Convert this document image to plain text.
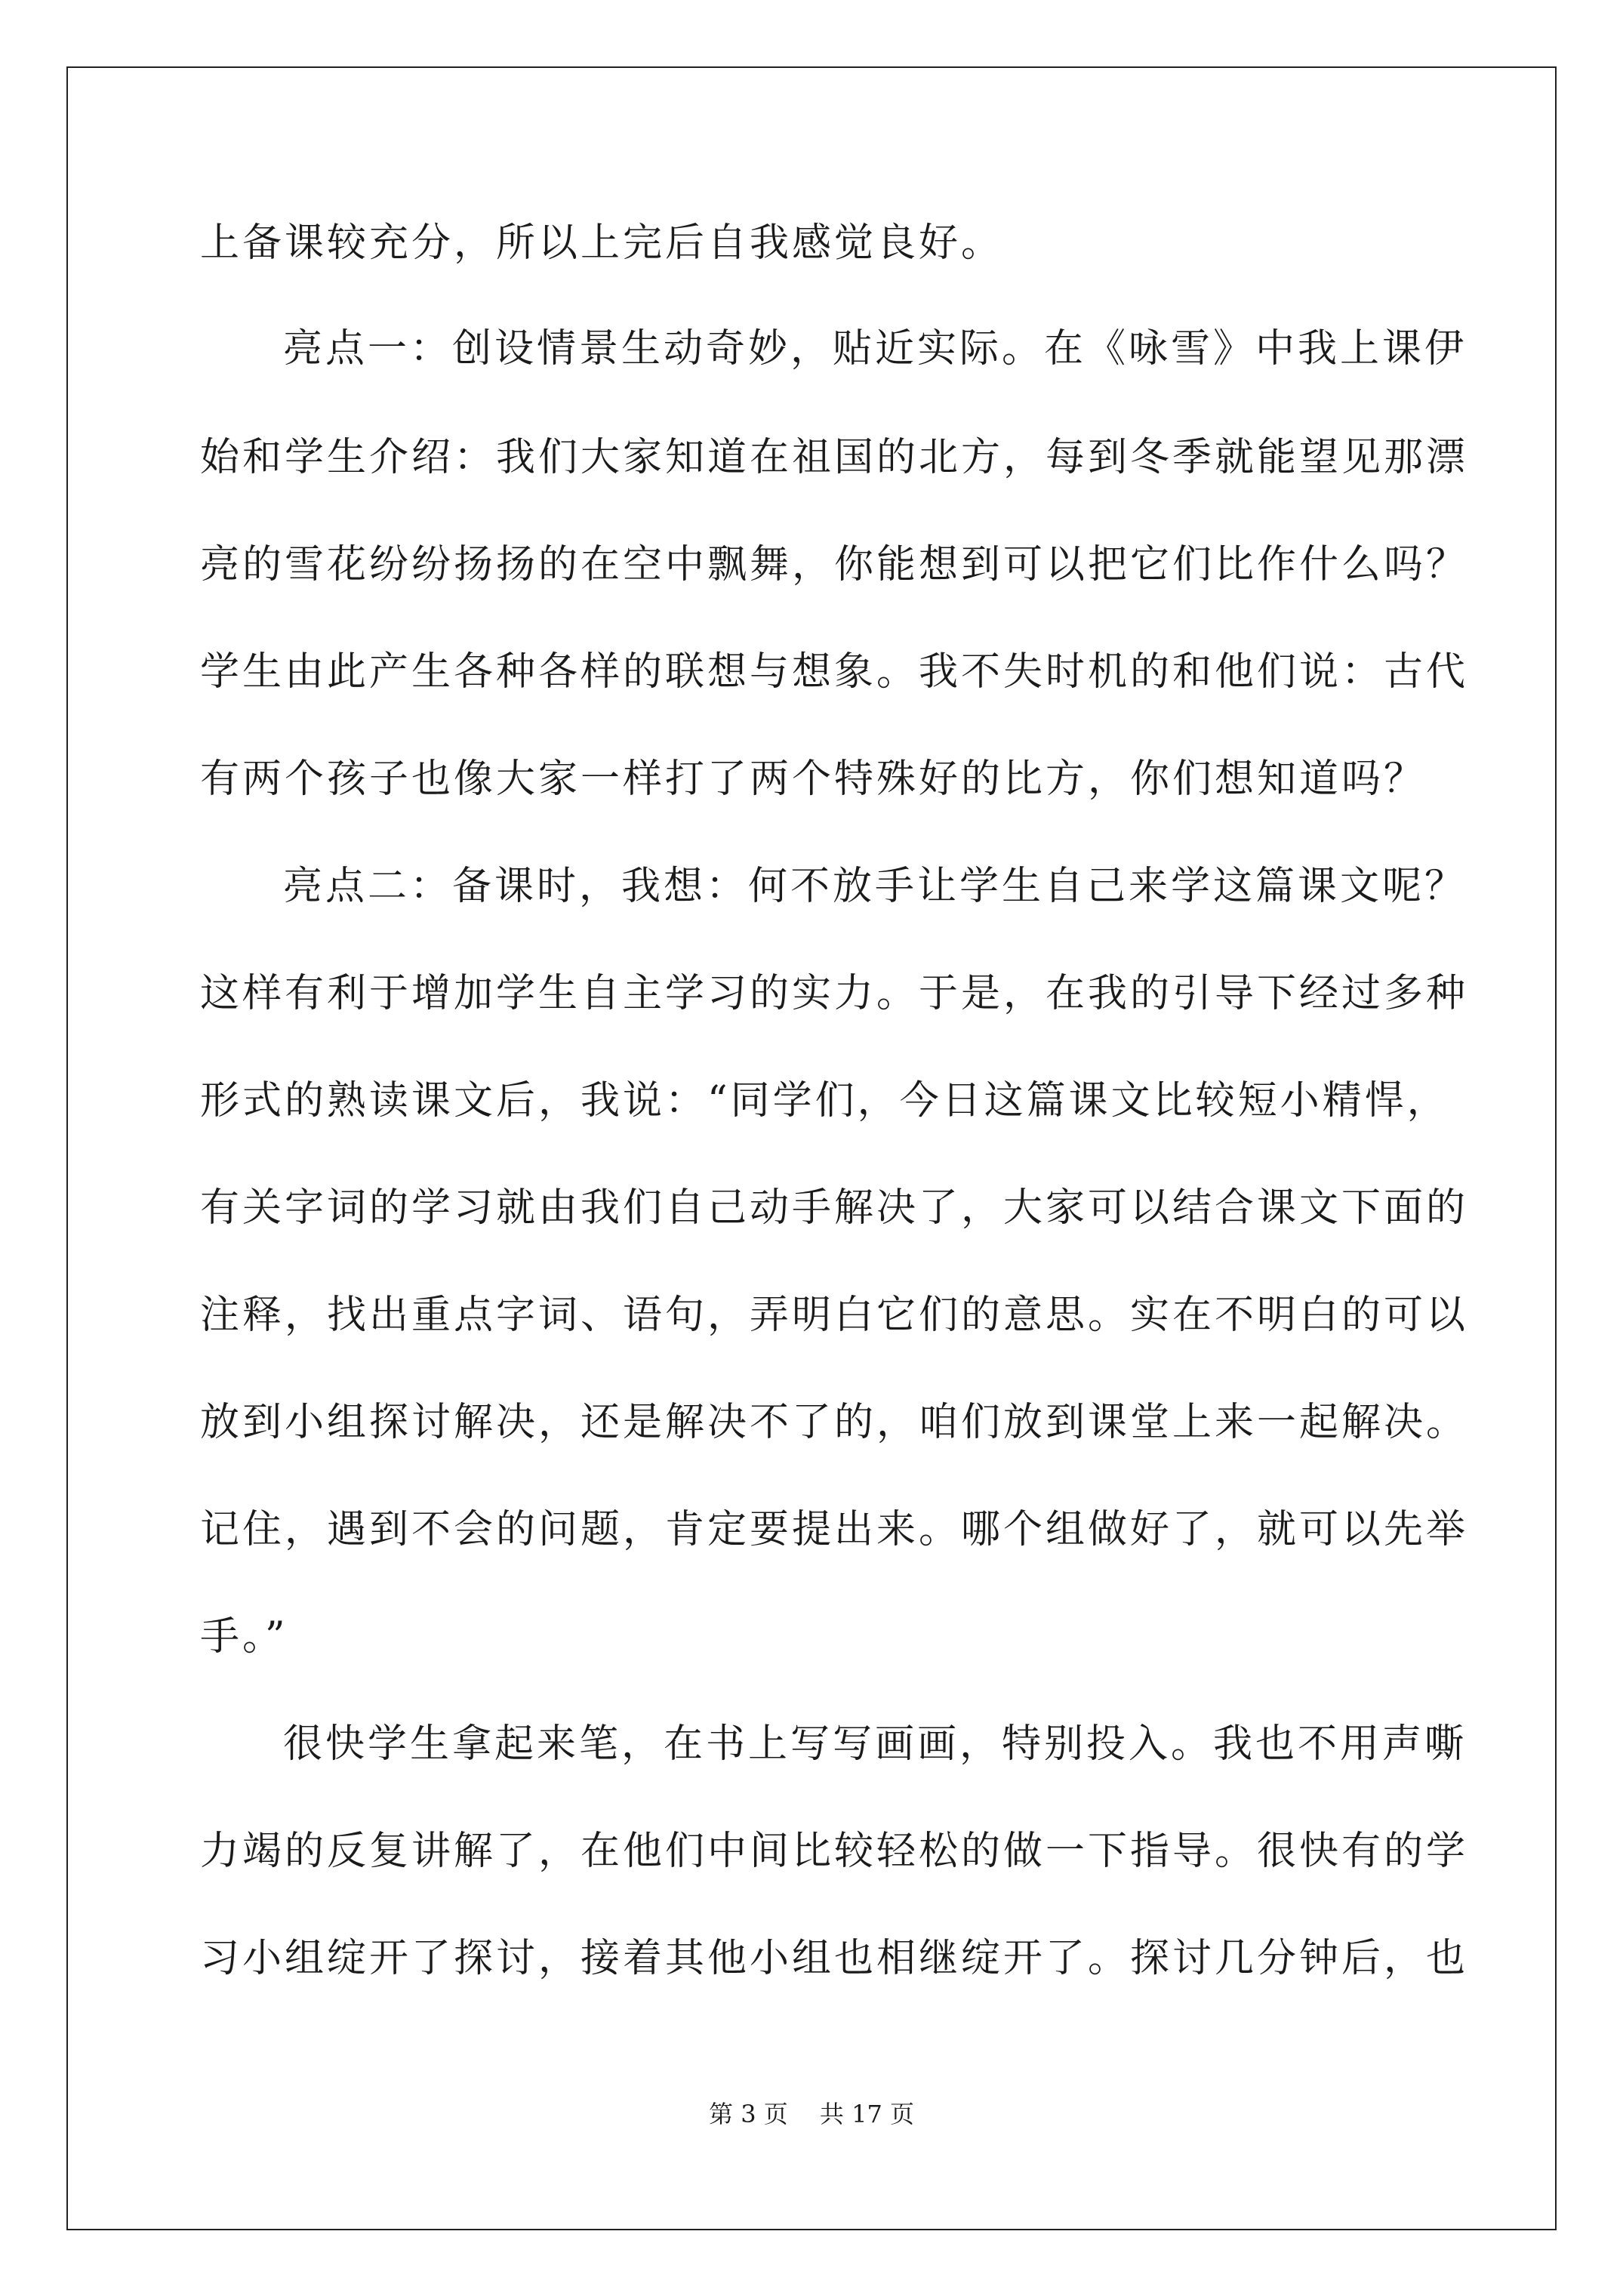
上备课较充分，所以上完后自我感觉良好。
亮点一：创设情景生动奇妙，贴近实际。在《咏雪》中我上课伊
始和学生介绍：我们大家知道在祖国的北方，每到冬季就能望见那漂
亮的雪花纷纷扬扬的在空中飘舞，你能想到可以把它们比作什么吗？
学生由此产生各种各样的联想与想象。我不失时机的和他们说：古代
有两个孩子也像大家一样打了两个特殊好的比方，你们想知道吗？
亮点二：备课时，我想：何不放手让学生自己来学这篇课文呢？
这样有利于增加学生自主学习的实力。于是，在我的引导下经过多种
形式的熟读课文后，我说：“同学们，今日这篇课文比较短小精悍，
有关字词的学习就由我们自己动手解决了，大家可以结合课文下面的
注释，找出重点字词、语句，弄明白它们的意思。实在不明白的可以
放到小组探讨解决，还是解决不了的，咱们放到课堂上来一起解决。
记住，遇到不会的问题，肯定要提出来。哪个组做好了，就可以先举
手。”
很快学生拿起来笔，在书上写写画画，特别投入。我也不用声嘶
力竭的反复讲解了，在他们中间比较轻松的做一下指导。很快有的学
习小组绽开了探讨，接着其他小组也相继绽开了。探讨几分钟后，也
第 3 页 共 17 页
